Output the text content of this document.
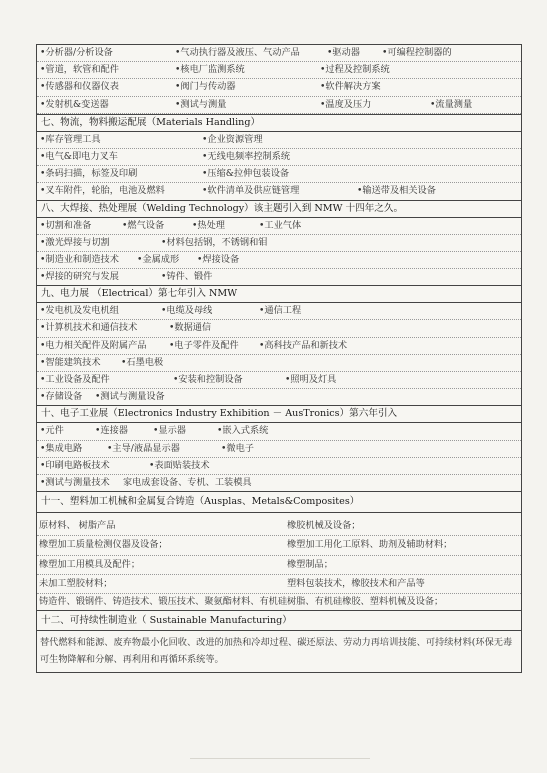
•分析器/分析设备	•气动执行器及液压、气动产品	•驱动器 •可编程控制器的
•管道，软管和配件	•核电厂监测系统	•过程及控制系统
•传感器和仪器仪表	•阀门与传动器	•软件解决方案
•发射机&变送器	•测试与测量	•温度及压力	•流量测量
七、物流，物料搬运配展（Materials Handling）
•库存管理工具	•企业资源管理
•电气&即电力叉车	•无线电频率控制系统
•条码扫描，标签及印刷	•压缩&拉伸包装设备
•叉车附件，轮胎，电池及燃料	•软件清单及供应链管理	•输送带及相关设备
八、大焊接、热处理展（Welding Technology）该主题引入到 NMW 十四年之久。
•切割和准备	•燃气设备	•热处理	•工业气体
•激光焊接与切割	•材料包括钢，不锈钢和钼
•制造业和制造技术 •金属成形 •焊接设备
•焊接的研究与发展	•铸件、锻件
九、电力展 （Electrical）第七年引入 NMW
•发电机及发电机组	•电缆及母线	•通信工程
•计算机技术和通信技术	•数据通信
•电力相关配件及附属产品 •电子零件及配件 •高科技产品和新技术
•智能建筑技术 •石墨电极
•工业设备及配件	•安装和控制设备	•照明及灯具
•存储设备 •测试与测量设备
十、电子工业展（Electronics Industry Exhibition － AusTronics）第六年引入
•元件	•连接器	•显示器	•嵌入式系统
•集成电路	•主导/液晶显示器	•微电子
•印刷电路板技术	•表面贴装技术
•测试与测量技术 家电成套设备、专机、工装模具
十一、塑料加工机械和金属复合铸造（Ausplas、Metals&Composites）
原材料、 树脂产品	橡胶机械及设备；
橡塑加工质量检测仪器及设备；	橡塑加工用化工原料、助剂及辅助材料；
橡塑加工用模具及配件；	橡塑制品；
未加工塑胶材料；	塑料包装技术，橡胶技术和产品等
铸造件、锻钢件、铸造技术、锻压技术、聚氨酯材料、有机硅树脂、有机硅橡胶、塑料机械及设备；
十二、可持续性制造业（ Sustainable Manufacturing）
替代燃料和能源、废弃物最小化回收、改进的加热和冷却过程、碳还原法、劳动力再培训技能、可持续材料(环保无毒可生物降解和分解、再利用和再循环系统等。
